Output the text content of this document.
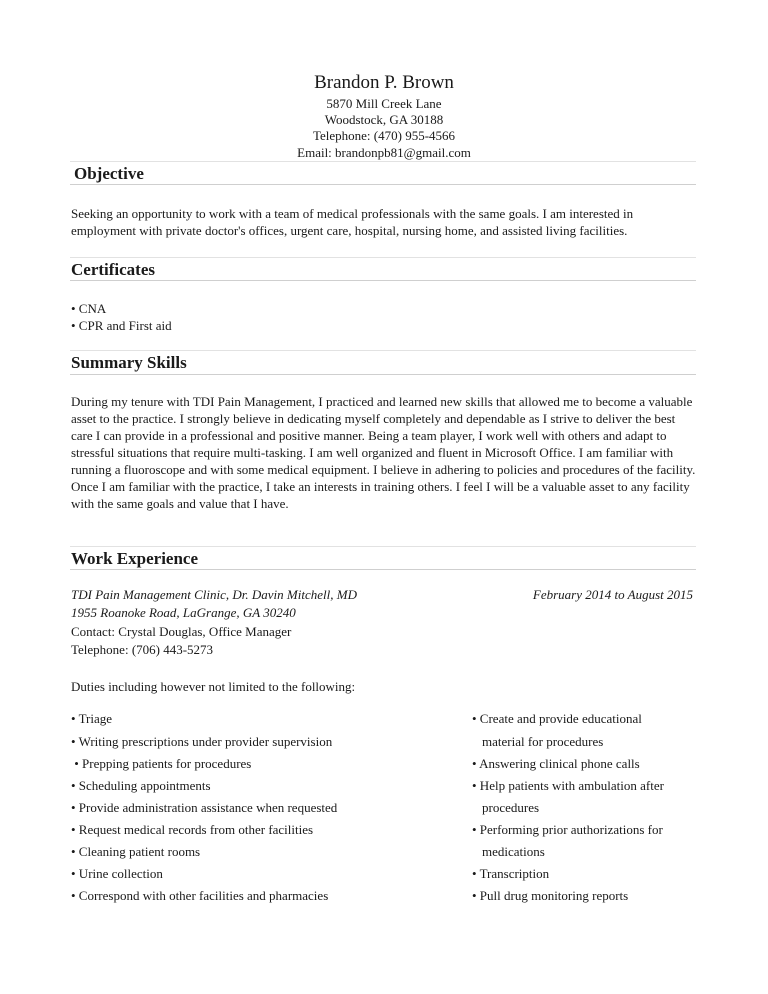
Brandon P. Brown
5870 Mill Creek Lane
Woodstock, GA 30188
Telephone: (470) 955-4566
Email: brandonpb81@gmail.com
Objective
Seeking an opportunity to work with a team of medical professionals with the same goals. I am interested in employment with private doctor's offices, urgent care, hospital, nursing home, and assisted living facilities.
Certificates
• CNA
• CPR and First aid
Summary Skills
During my tenure with TDI Pain Management, I practiced and learned new skills that allowed me to become a valuable asset to the practice. I strongly believe in dedicating myself completely and dependable as I strive to deliver the best care I can provide in a professional and positive manner. Being a team player, I work well with others and adapt to stressful situations that require multi-tasking. I am well organized and fluent in Microsoft Office. I am familiar with running a fluoroscope and with some medical equipment. I believe in adhering to policies and procedures of the facility. Once I am familiar with the practice, I take an interests in training others. I feel I will be a valuable asset to any facility with the same goals and value that I have.
Work Experience
TDI Pain Management Clinic, Dr. Davin Mitchell, MD	February 2014 to August 2015
1955 Roanoke Road, LaGrange, GA 30240
Contact: Crystal Douglas, Office Manager
Telephone: (706) 443-5273
Duties including however not limited to the following:
• Triage
• Writing prescriptions under provider supervision
• Prepping patients for procedures
• Scheduling appointments
• Provide administration assistance when requested
• Request medical records from other facilities
• Cleaning patient rooms
• Urine collection
• Correspond with other facilities and pharmacies
• Create and provide educational
material for procedures
• Answering clinical phone calls
• Help patients with ambulation after
procedures
• Performing prior authorizations for
medications
• Transcription
• Pull drug monitoring reports
